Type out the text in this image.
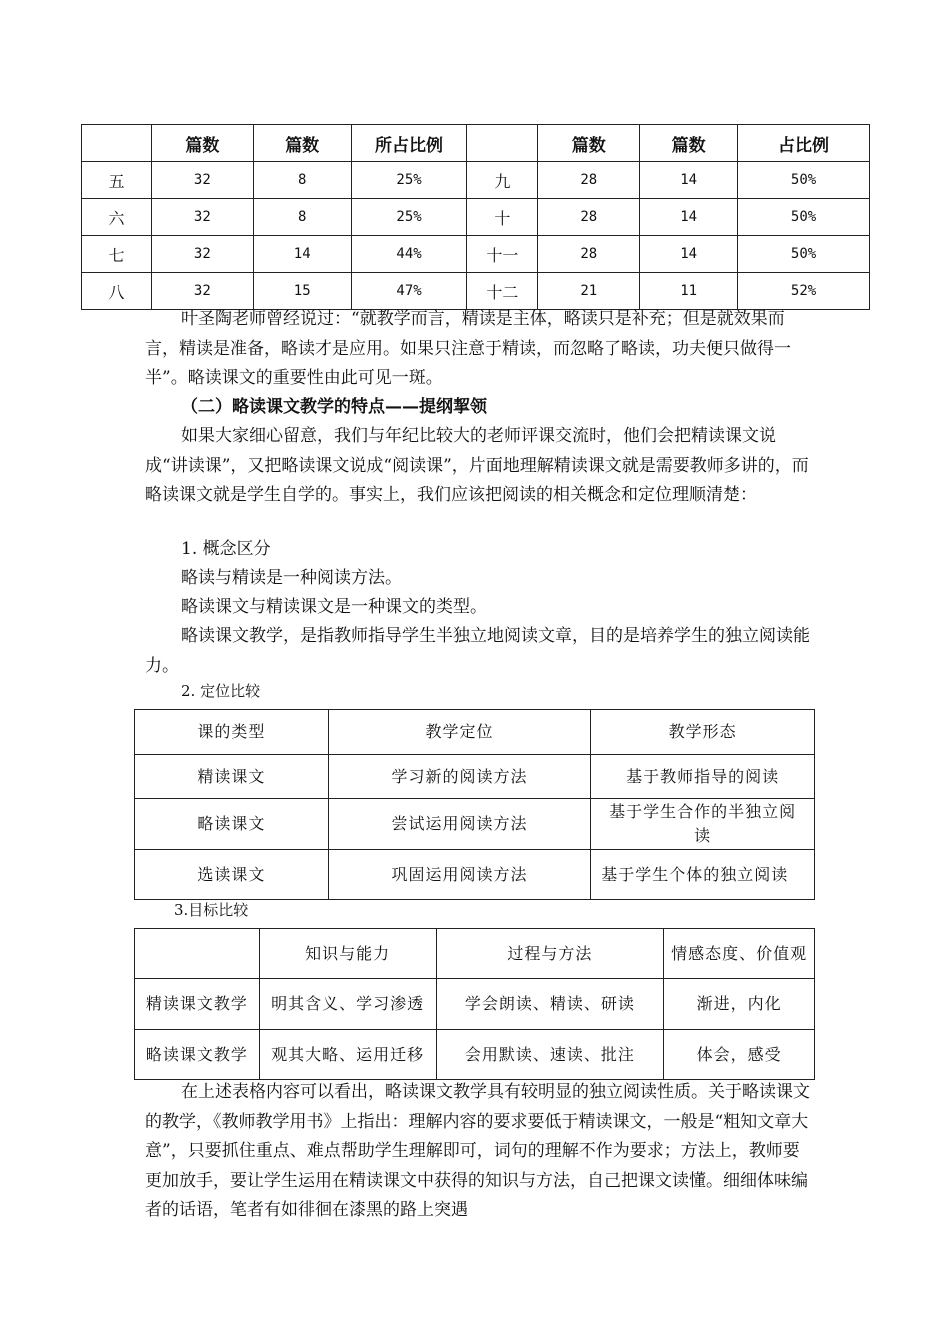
	篇数	篇数	所占比例		篇数	篇数	占比例
五	32	8	25%	九	28	14	50%
六	32	8	25%	十	28	14	50%
七	32	14	44%	十一	28	14	50%
八	32	15	47%	十二	21	11	52%

叶圣陶老师曾经说过：“就教学而言，精读是主体，略读只是补充；但是就效果而言，精读是准备，略读才是应用。如果只注意于精读，而忽略了略读，功夫便只做得一半”。略读课文的重要性由此可见一斑。

（二）略读课文教学的特点——提纲挈领

如果大家细心留意，我们与年纪比较大的老师评课交流时，他们会把精读课文说成“讲读课”，又把略读课文说成“阅读课”，片面地理解精读课文就是需要教师多讲的，而略读课文就是学生自学的。事实上，我们应该把阅读的相关概念和定位理顺清楚：

1. 概念区分

略读与精读是一种阅读方法。

略读课文与精读课文是一种课文的类型。

略读课文教学，是指教师指导学生半独立地阅读文章，目的是培养学生的独立阅读能力。

2. 定位比较

课的类型	教学定位	教学形态
精读课文	学习新的阅读方法	基于教师指导的阅读
略读课文	尝试运用阅读方法	基于学生合作的半独立阅读
选读课文	巩固运用阅读方法	基于学生个体的独立阅读

3.目标比较

	知识与能力	过程与方法	情感态度、价值观
精读课文教学	明其含义、学习渗透	学会朗读、精读、研读	渐进，内化
略读课文教学	观其大略、运用迁移	会用默读、速读、批注	体会，感受

在上述表格内容可以看出，略读课文教学具有较明显的独立阅读性质。关于略读课文的教学，《教师教学用书》上指出：理解内容的要求要低于精读课文，一般是“粗知文章大意”，只要抓住重点、难点帮助学生理解即可，词句的理解不作为要求；方法上，教师要更加放手，要让学生运用在精读课文中获得的知识与方法，自己把课文读懂。细细体味编者的话语，笔者有如徘徊在漆黑的路上突遇
